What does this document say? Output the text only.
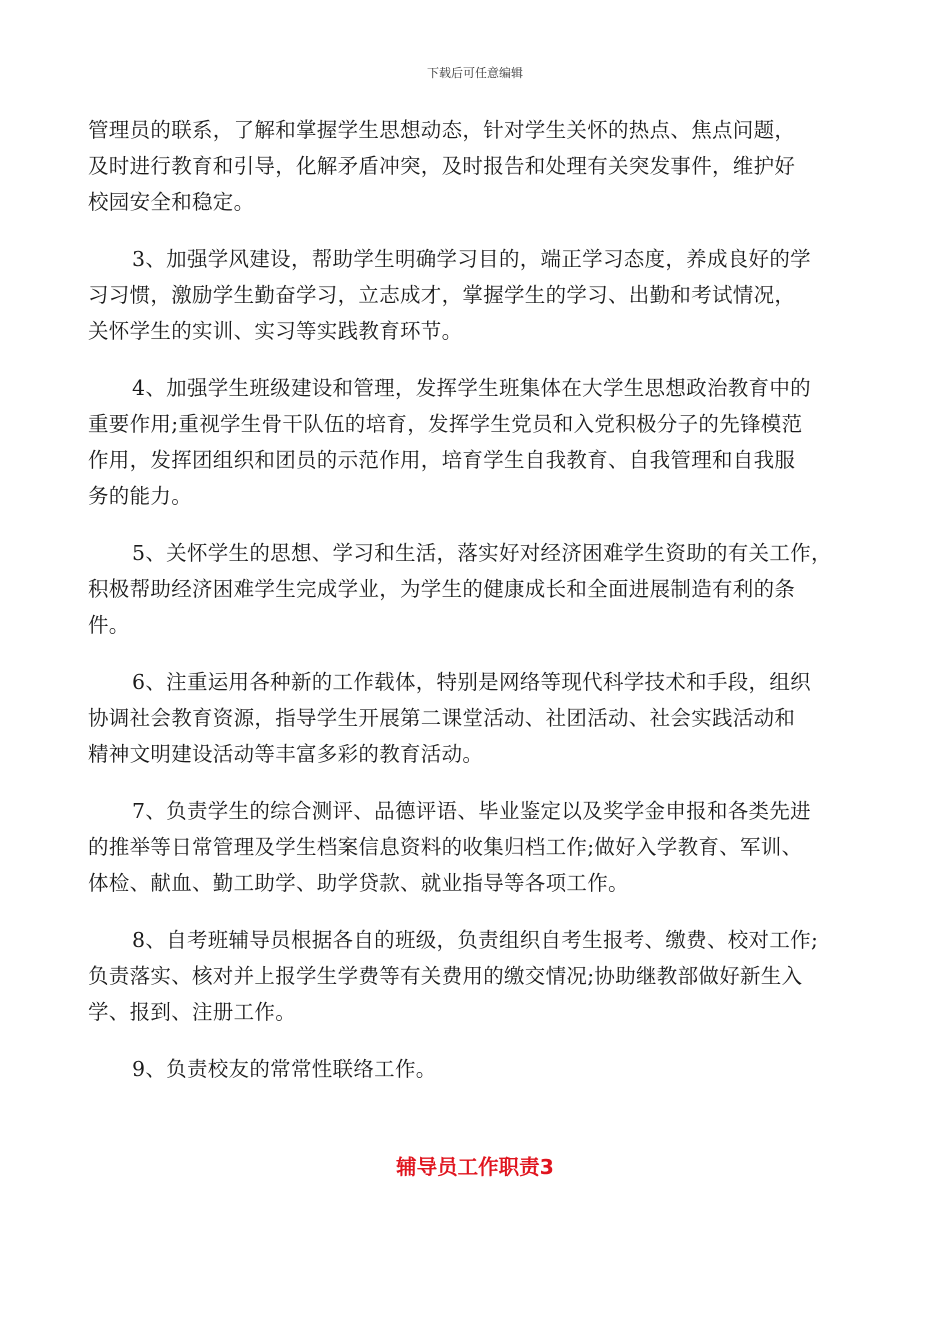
下载后可任意编辑
管理员的联系，了解和掌握学生思想动态，针对学生关怀的热点、焦点问题，
及时进行教育和引导，化解矛盾冲突，及时报告和处理有关突发事件，维护好
校园安全和稳定。
3、加强学风建设，帮助学生明确学习目的，端正学习态度，养成良好的学
习习惯，激励学生勤奋学习，立志成才，掌握学生的学习、出勤和考试情况，
关怀学生的实训、实习等实践教育环节。
4、加强学生班级建设和管理，发挥学生班集体在大学生思想政治教育中的
重要作用;重视学生骨干队伍的培育，发挥学生党员和入党积极分子的先锋模范
作用，发挥团组织和团员的示范作用，培育学生自我教育、自我管理和自我服
务的能力。
5、关怀学生的思想、学习和生活，落实好对经济困难学生资助的有关工作，
积极帮助经济困难学生完成学业，为学生的健康成长和全面进展制造有利的条
件。
6、注重运用各种新的工作载体，特别是网络等现代科学技术和手段，组织
协调社会教育资源，指导学生开展第二课堂活动、社团活动、社会实践活动和
精神文明建设活动等丰富多彩的教育活动。
7、负责学生的综合测评、品德评语、毕业鉴定以及奖学金申报和各类先进
的推举等日常管理及学生档案信息资料的收集归档工作;做好入学教育、军训、
体检、献血、勤工助学、助学贷款、就业指导等各项工作。
8、自考班辅导员根据各自的班级，负责组织自考生报考、缴费、校对工作;
负责落实、核对并上报学生学费等有关费用的缴交情况;协助继教部做好新生入
学、报到、注册工作。
9、负责校友的常常性联络工作。
辅导员工作职责3
